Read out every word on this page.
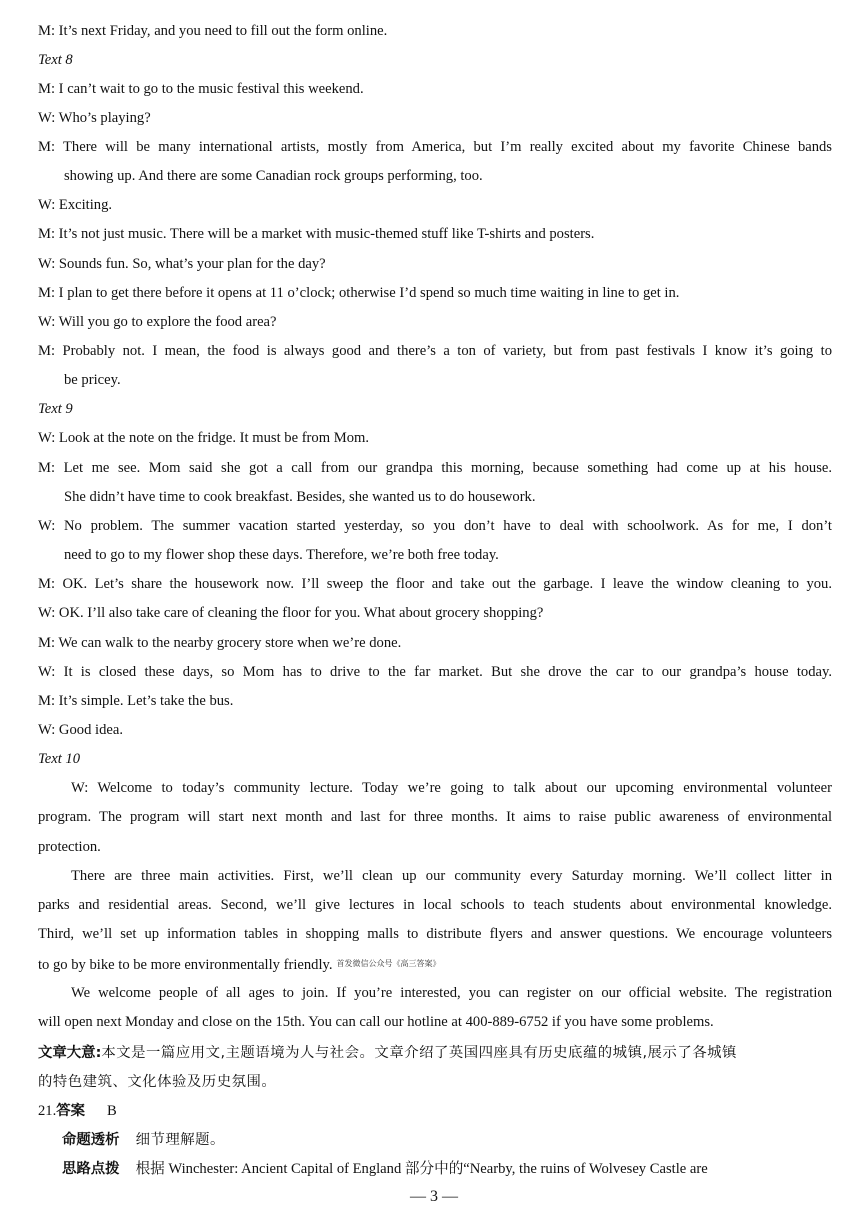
M: It’s next Friday, and you need to fill out the form online.
Text 8
M: I can’t wait to go to the music festival this weekend.
W: Who’s playing?
M: There will be many international artists, mostly from America, but I’m really excited about my favorite Chinese bands
showing up. And there are some Canadian rock groups performing, too.
W: Exciting.
M: It’s not just music. There will be a market with music-themed stuff like T-shirts and posters.
W: Sounds fun. So, what’s your plan for the day?
M: I plan to get there before it opens at 11 o’clock; otherwise I’d spend so much time waiting in line to get in.
W: Will you go to explore the food area?
M: Probably not. I mean, the food is always good and there’s a ton of variety, but from past festivals I know it’s going to
be pricey.
Text 9
W: Look at the note on the fridge. It must be from Mom.
M: Let me see. Mom said she got a call from our grandpa this morning, because something had come up at his house.
She didn’t have time to cook breakfast. Besides, she wanted us to do housework.
W: No problem. The summer vacation started yesterday, so you don’t have to deal with schoolwork. As for me, I don’t
need to go to my flower shop these days. Therefore, we’re both free today.
M: OK. Let’s share the housework now. I’ll sweep the floor and take out the garbage. I leave the window cleaning to you.
W: OK. I’ll also take care of cleaning the floor for you. What about grocery shopping?
M: We can walk to the nearby grocery store when we’re done.
W: It is closed these days, so Mom has to drive to the far market. But she drove the car to our grandpa’s house today.
M: It’s simple. Let’s take the bus.
W: Good idea.
Text 10
W: Welcome to today’s community lecture. Today we’re going to talk about our upcoming environmental volunteer
program. The program will start next month and last for three months. It aims to raise public awareness of environmental
protection.
There are three main activities. First, we’ll clean up our community every Saturday morning. We’ll collect litter in
parks and residential areas. Second, we’ll give lectures in local schools to teach students about environmental knowledge.
Third, we’ll set up information tables in shopping malls to distribute flyers and answer questions. We encourage volunteers
to go by bike to be more environmentally friendly. $^{首发微信公众号《高三答案》}$
We welcome people of all ages to join. If you’re interested, you can register on our official website. The registration
will open next Monday and close on the 15th. You can call our hotline at 400-889-6752 if you have some problems.
文章大意:本文是一篇应用文,主题语境为人与社会。文章介绍了英国四座具有历史底蕴的城镇,展示了各城镇
的特色建筑、文化体验及历史氛围。
21.答案 B
命题透析 细节理解题。
思路点拨 根据 Winchester: Ancient Capital of England 部分中的“Nearby, the ruins of Wolvesey Castle are
— 3 —
